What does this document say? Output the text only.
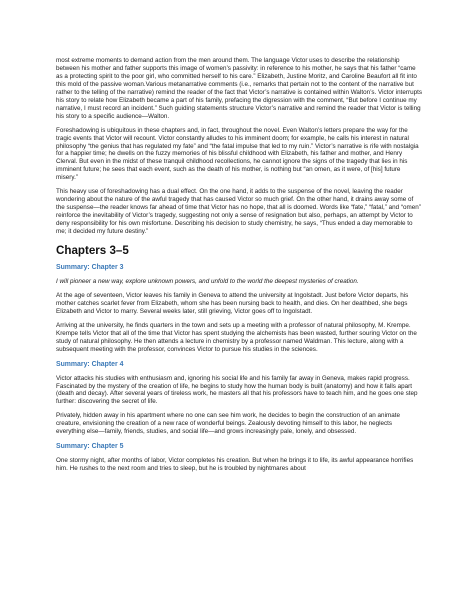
most extreme moments to demand action from the men around them. The language Victor uses to describe the relationship between his mother and father supports this image of women’s passivity: in reference to his mother, he says that his father “came as a protecting spirit to the poor girl, who committed herself to his care.” Elizabeth, Justine Moritz, and Caroline Beaufort all fit into this mold of the passive woman.Various metanarrative comments (i.e., remarks that pertain not to the content of the narrative but rather to the telling of the narrative) remind the reader of the fact that Victor’s narrative is contained within Walton’s. Victor interrupts his story to relate how Elizabeth became a part of his family, prefacing the digression with the comment, “But before I continue my narrative, I must record an incident.” Such guiding statements structure Victor’s narrative and remind the reader that Victor is telling his story to a specific audience—Walton.

Foreshadowing is ubiquitous in these chapters and, in fact, throughout the novel. Even Walton’s letters prepare the way for the tragic events that Victor will recount. Victor constantly alludes to his imminent doom; for example, he calls his interest in natural philosophy “the genius that has regulated my fate” and “the fatal impulse that led to my ruin.” Victor’s narrative is rife with nostalgia for a happier time; he dwells on the fuzzy memories of his blissful childhood with Elizabeth, his father and mother, and Henry Clerval. But even in the midst of these tranquil childhood recollections, he cannot ignore the signs of the tragedy that lies in his imminent future; he sees that each event, such as the death of his mother, is nothing but “an omen, as it were, of [his] future misery.”

This heavy use of foreshadowing has a dual effect. On the one hand, it adds to the suspense of the novel, leaving the reader wondering about the nature of the awful tragedy that has caused Victor so much grief. On the other hand, it drains away some of the suspense—the reader knows far ahead of time that Victor has no hope, that all is doomed. Words like “fate,” “fatal,” and “omen” reinforce the inevitability of Victor’s tragedy, suggesting not only a sense of resignation but also, perhaps, an attempt by Victor to deny responsibility for his own misfortune. Describing his decision to study chemistry, he says, “Thus ended a day memorable to me; it decided my future destiny.”

Chapters 3–5
Summary: Chapter 3

I will pioneer a new way, explore unknown powers, and unfold to the world the deepest mysteries of creation.

At the age of seventeen, Victor leaves his family in Geneva to attend the university at Ingolstadt. Just before Victor departs, his mother catches scarlet fever from Elizabeth, whom she has been nursing back to health, and dies. On her deathbed, she begs Elizabeth and Victor to marry. Several weeks later, still grieving, Victor goes off to Ingolstadt.

Arriving at the university, he finds quarters in the town and sets up a meeting with a professor of natural philosophy, M. Krempe. Krempe tells Victor that all of the time that Victor has spent studying the alchemists has been wasted, further souring Victor on the study of natural philosophy. He then attends a lecture in chemistry by a professor named Waldman. This lecture, along with a subsequent meeting with the professor, convinces Victor to pursue his studies in the sciences.

Summary: Chapter 4

Victor attacks his studies with enthusiasm and, ignoring his social life and his family far away in Geneva, makes rapid progress. Fascinated by the mystery of the creation of life, he begins to study how the human body is built (anatomy) and how it falls apart (death and decay). After several years of tireless work, he masters all that his professors have to teach him, and he goes one step further: discovering the secret of life.

Privately, hidden away in his apartment where no one can see him work, he decides to begin the construction of an animate creature, envisioning the creation of a new race of wonderful beings. Zealously devoting himself to this labor, he neglects everything else—family, friends, studies, and social life—and grows increasingly pale, lonely, and obsessed.

Summary: Chapter 5

One stormy night, after months of labor, Victor completes his creation. But when he brings it to life, its awful appearance horrifies him. He rushes to the next room and tries to sleep, but he is troubled by nightmares about
